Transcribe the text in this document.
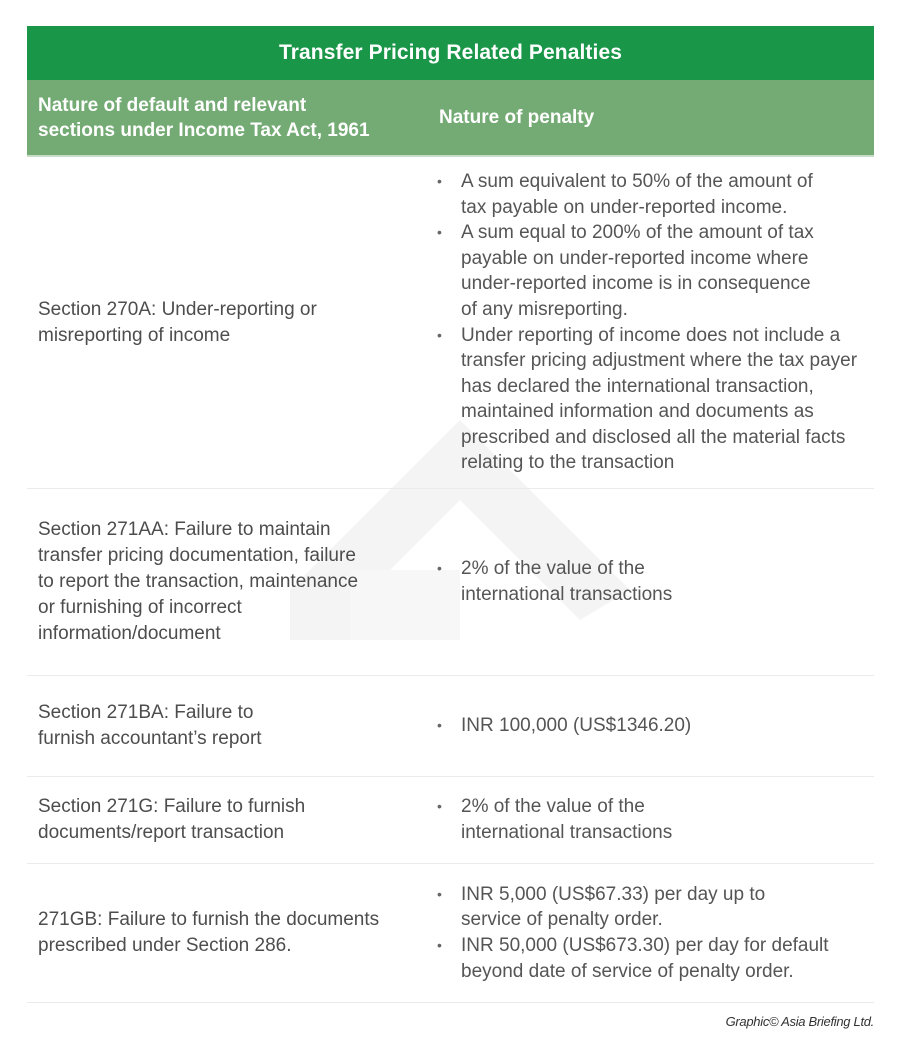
Transfer Pricing Related Penalties
Nature of default and relevant
sections under Income Tax Act, 1961
Nature of penalty
Section 270A: Under-reporting or misreporting of income
• A sum equivalent to 50% of the amount of tax payable on under-reported income.
• A sum equal to 200% of the amount of tax payable on under-reported income where under-reported income is in consequence of any misreporting.
• Under reporting of income does not include a transfer pricing adjustment where the tax payer has declared the international transaction, maintained information and documents as prescribed and disclosed all the material facts relating to the transaction
Section 271AA: Failure to maintain transfer pricing documentation, failure to report the transaction, maintenance or furnishing of incorrect information/document
• 2% of the value of the international transactions
Section 271BA: Failure to furnish accountant’s report
• INR 100,000 (US$1346.20)
Section 271G: Failure to furnish documents/report transaction
• 2% of the value of the international transactions
271GB: Failure to furnish the documents prescribed under Section 286.
• INR 5,000 (US$67.33) per day up to service of penalty order.
• INR 50,000 (US$673.30) per day for default beyond date of service of penalty order.
Graphic© Asia Briefing Ltd.
